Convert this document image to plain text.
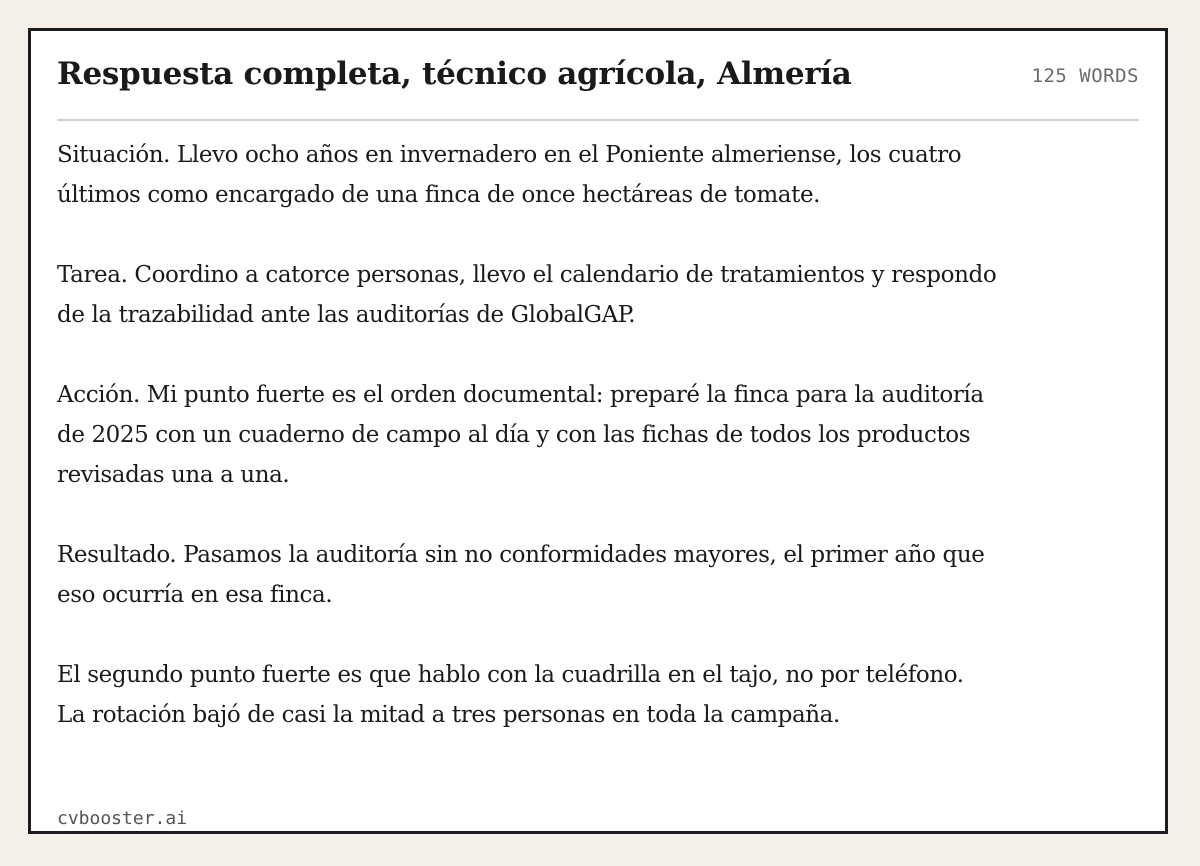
Respuesta completa, técnico agrícola, Almería	125 WORDS

Situación. Llevo ocho años en invernadero en el Poniente almeriense, los cuatro últimos como encargado de una finca de once hectáreas de tomate.

Tarea. Coordino a catorce personas, llevo el calendario de tratamientos y respondo de la trazabilidad ante las auditorías de GlobalGAP.

Acción. Mi punto fuerte es el orden documental: preparé la finca para la auditoría de 2025 con un cuaderno de campo al día y con las fichas de todos los productos revisadas una a una.

Resultado. Pasamos la auditoría sin no conformidades mayores, el primer año que eso ocurría en esa finca.

El segundo punto fuerte es que hablo con la cuadrilla en el tajo, no por teléfono. La rotación bajó de casi la mitad a tres personas en toda la campaña.

cvbooster.ai
